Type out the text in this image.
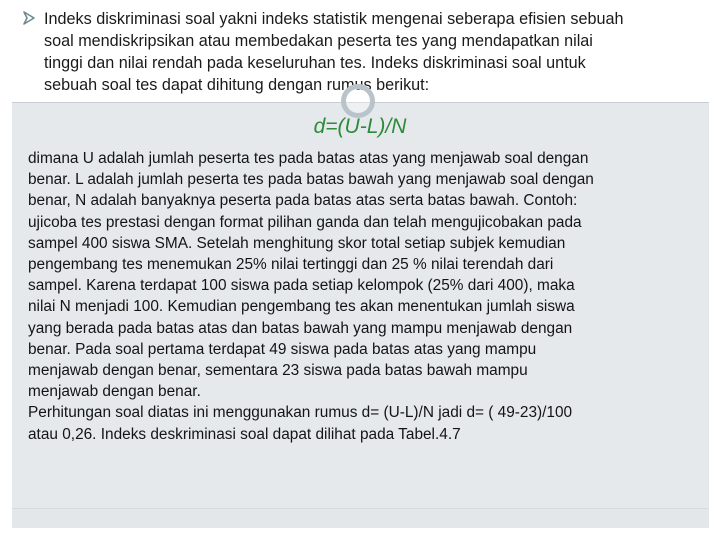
Indeks diskriminasi soal yakni indeks statistik mengenai seberapa efisien sebuah
soal mendiskripsikan atau membedakan peserta tes yang mendapatkan nilai
tinggi dan nilai rendah pada keseluruhan tes. Indeks diskriminasi soal untuk
sebuah soal tes dapat dihitung dengan rumus berikut:
d=(U-L)/N
dimana U adalah jumlah peserta tes pada batas atas yang menjawab soal dengan
benar. L adalah jumlah peserta tes pada batas bawah yang menjawab soal dengan
benar, N adalah banyaknya peserta pada batas atas serta batas bawah. Contoh:
ujicoba tes prestasi dengan format pilihan ganda dan telah mengujicobakan pada
sampel 400 siswa SMA. Setelah menghitung skor total setiap subjek kemudian
pengembang tes menemukan 25% nilai tertinggi dan 25 % nilai terendah dari
sampel. Karena terdapat 100 siswa pada setiap kelompok (25% dari 400), maka
nilai N menjadi 100. Kemudian pengembang tes akan menentukan jumlah siswa
yang berada pada batas atas dan batas bawah yang mampu menjawab dengan
benar. Pada soal pertama terdapat 49 siswa pada batas atas yang mampu
menjawab dengan benar, sementara 23 siswa pada batas bawah mampu
menjawab dengan benar.
Perhitungan soal diatas ini menggunakan rumus d= (U-L)/N jadi d= ( 49-23)/100
atau 0,26. Indeks deskriminasi soal dapat dilihat pada Tabel.4.7
